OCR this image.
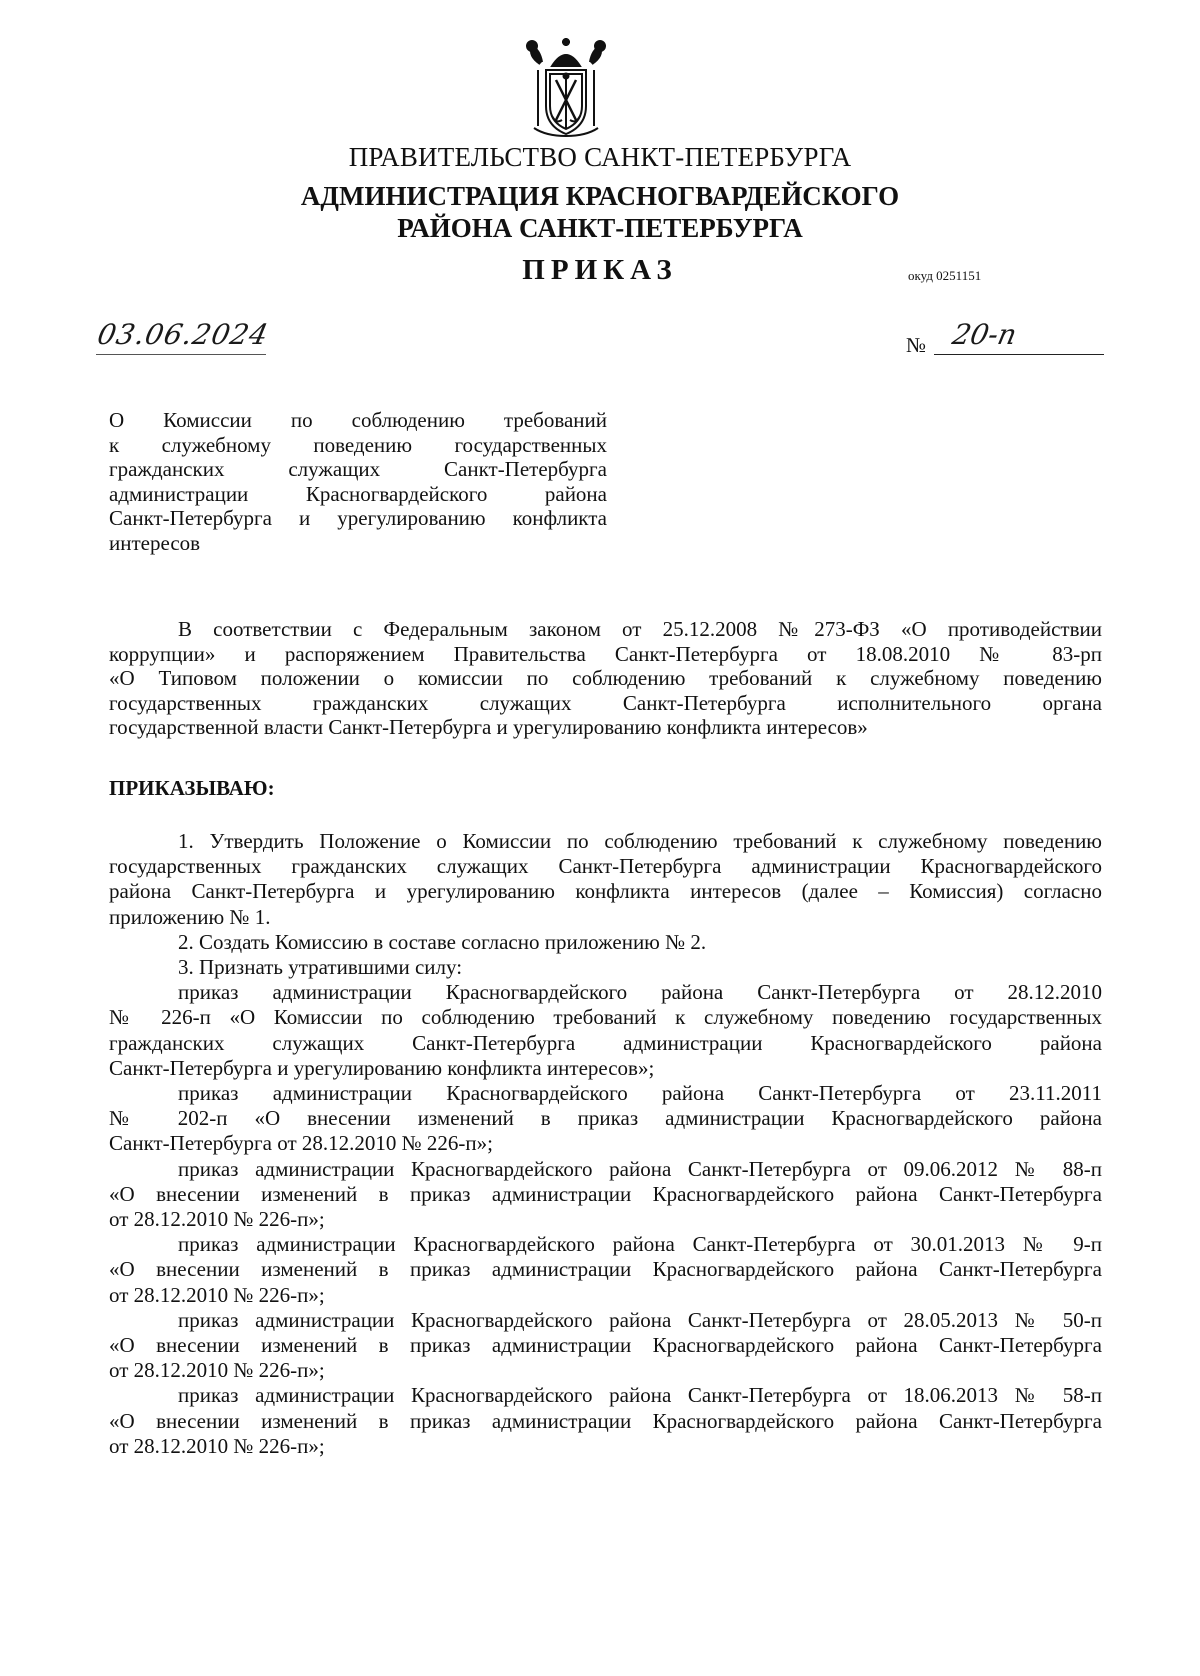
ПРАВИТЕЛЬСТВО САНКТ-ПЕТЕРБУРГА
АДМИНИСТРАЦИЯ КРАСНОГВАРДЕЙСКОГО
РАЙОНА САНКТ-ПЕТЕРБУРГА
ПРИКАЗ	окуд 0251151
03.06.2024	№ 20-п
О Комиссии по соблюдению требований
к служебному поведению государственных
гражданских служащих Санкт-Петербурга
администрации Красногвардейского района
Санкт-Петербурга и урегулированию конфликта
интересов
В соответствии с Федеральным законом от 25.12.2008 №273-ФЗ «О противодействии
коррупции» и распоряжением Правительства Санкт-Петербурга от 18.08.2010 № 83-рп
«О Типовом положении о комиссии по соблюдению требований к служебному поведению
государственных гражданских служащих Санкт-Петербурга исполнительного органа
государственной власти Санкт-Петербурга и урегулированию конфликта интересов»
ПРИКАЗЫВАЮ:
1. Утвердить Положение о Комиссии по соблюдению требований к служебному поведению
государственных гражданских служащих Санкт-Петербурга администрации Красногвардейского
района Санкт-Петербурга и урегулированию конфликта интересов (далее – Комиссия) согласно
приложению № 1.
2. Создать Комиссию в составе согласно приложению № 2.
3. Признать утратившими силу:
приказ администрации Красногвардейского района Санкт-Петербурга от 28.12.2010
№ 226-п «О Комиссии по соблюдению требований к служебному поведению государственных
гражданских служащих Санкт-Петербурга администрации Красногвардейского района
Санкт-Петербурга и урегулированию конфликта интересов»;
приказ администрации Красногвардейского района Санкт-Петербурга от 23.11.2011
№ 202-п «О внесении изменений в приказ администрации Красногвардейского района
Санкт-Петербурга от 28.12.2010 № 226-п»;
приказ администрации Красногвардейского района Санкт-Петербурга от 09.06.2012 № 88-п
«О внесении изменений в приказ администрации Красногвардейского района Санкт-Петербурга
от 28.12.2010 № 226-п»;
приказ администрации Красногвардейского района Санкт-Петербурга от 30.01.2013 № 9-п
«О внесении изменений в приказ администрации Красногвардейского района Санкт-Петербурга
от 28.12.2010 № 226-п»;
приказ администрации Красногвардейского района Санкт-Петербурга от 28.05.2013 № 50-п
«О внесении изменений в приказ администрации Красногвардейского района Санкт-Петербурга
от 28.12.2010 № 226-п»;
приказ администрации Красногвардейского района Санкт-Петербурга от 18.06.2013 № 58-п
«О внесении изменений в приказ администрации Красногвардейского района Санкт-Петербурга
от 28.12.2010 № 226-п»;
